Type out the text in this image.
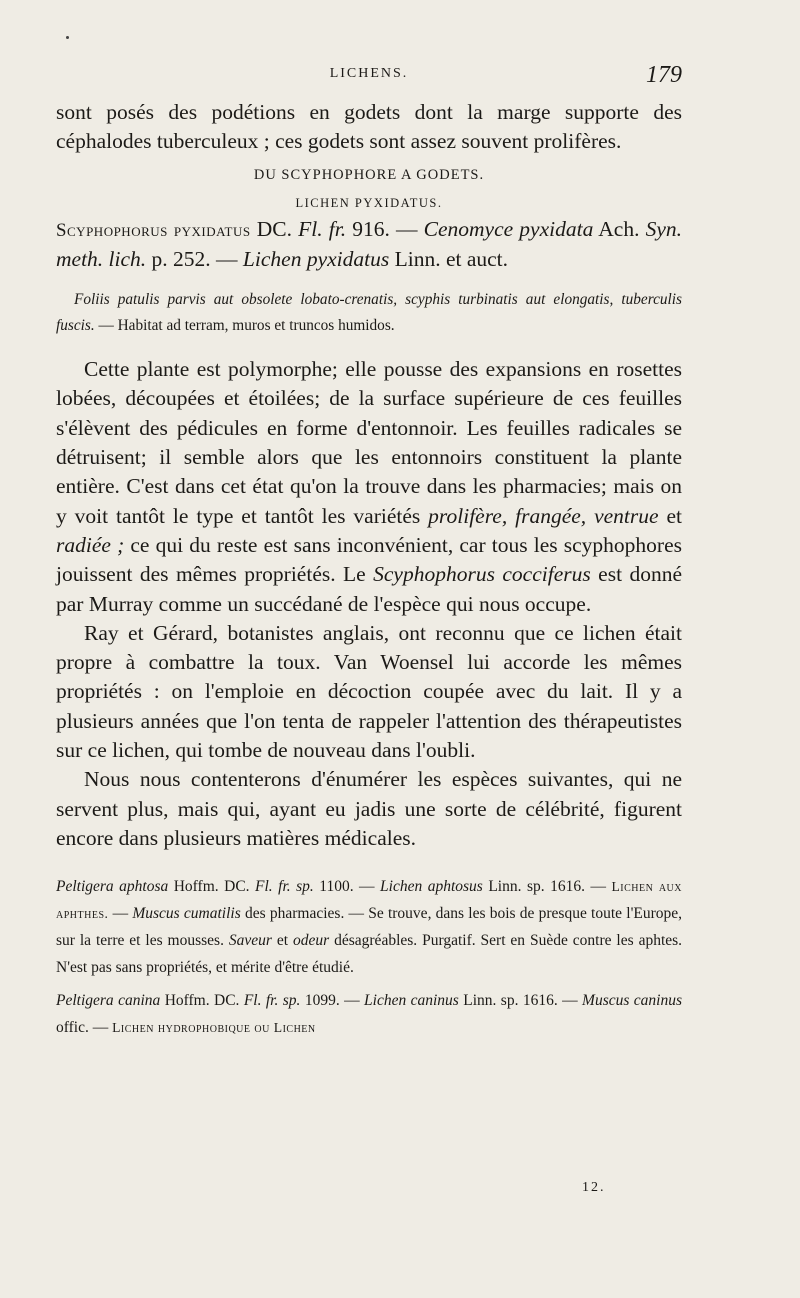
LICHENS.	179

sont posés des podétions en godets dont la marge supporte des céphalodes tuberculeux ; ces godets sont assez souvent prolifères.

DU SCYPHOPHORE A GODETS.
LICHEN PYXIDATUS.

Scyphophorus pyxidatus DC. Fl. fr. 916. — Cenomyce pyxidata Ach. Syn. meth. lich. p. 252. — Lichen pyxidatus Linn. et auct.

Foliis patulis parvis aut obsolete lobato-crenatis, scyphis turbinatis aut elongatis, tuberculis fuscis. — Habitat ad terram, muros et truncos humidos.

Cette plante est polymorphe; elle pousse des expansions en rosettes lobées, découpées et étoilées; de la surface supérieure de ces feuilles s'élèvent des pédicules en forme d'entonnoir. Les feuilles radicales se détruisent; il semble alors que les entonnoirs constituent la plante entière. C'est dans cet état qu'on la trouve dans les pharmacies; mais on y voit tantôt le type et tantôt les variétés prolifère, frangée, ventrue et radiée ; ce qui du reste est sans inconvénient, car tous les scyphophores jouissent des mêmes propriétés. Le Scyphophorus cocciferus est donné par Murray comme un succédané de l'espèce qui nous occupe.

Ray et Gérard, botanistes anglais, ont reconnu que ce lichen était propre à combattre la toux. Van Woensel lui accorde les mêmes propriétés : on l'emploie en décoction coupée avec du lait. Il y a plusieurs années que l'on tenta de rappeler l'attention des thérapeutistes sur ce lichen, qui tombe de nouveau dans l'oubli.

Nous nous contenterons d'énumérer les espèces suivantes, qui ne servent plus, mais qui, ayant eu jadis une sorte de célébrité, figurent encore dans plusieurs matières médicales.

Peltigera aphtosa Hoffm. DC. Fl. fr. sp. 1100. — Lichen aphtosus Linn. sp. 1616. — Lichen aux aphthes. — Muscus cumatilis des pharmacies. — Se trouve, dans les bois de presque toute l'Europe, sur la terre et les mousses. Saveur et odeur désagréables. Purgatif. Sert en Suède contre les aphtes. N'est pas sans propriétés, et mérite d'être étudié.

Peltigera canina Hoffm. DC. Fl. fr. sp. 1099. — Lichen caninus Linn. sp. 1616. — Muscus caninus offic. — Lichen hydrophobique ou Lichen

12.
